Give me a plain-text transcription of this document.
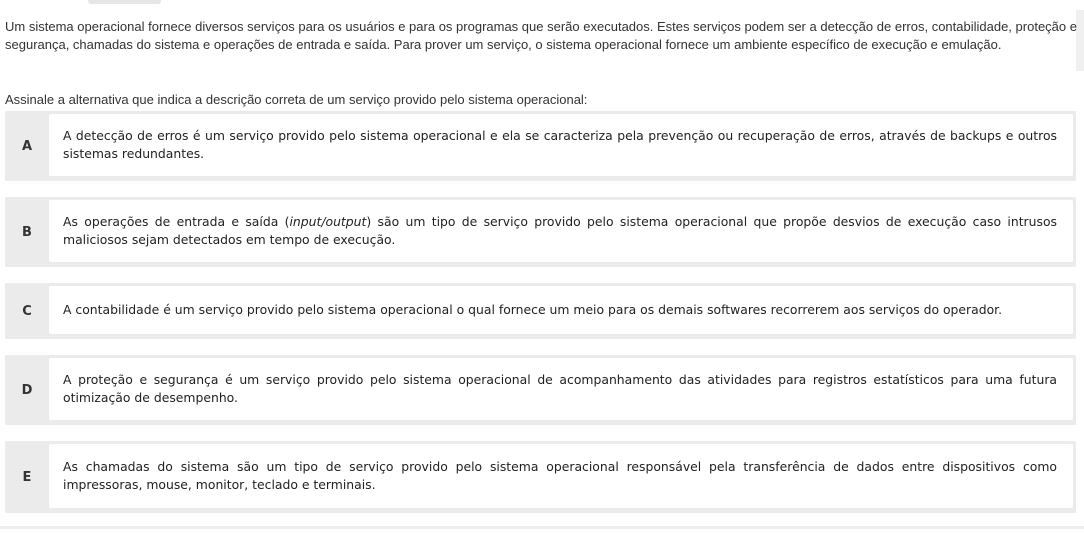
Um sistema operacional fornece diversos serviços para os usuários e para os programas que serão executados. Estes serviços podem ser a detecção de erros, contabilidade, proteção e segurança, chamadas do sistema e operações de entrada e saída. Para prover um serviço, o sistema operacional fornece um ambiente específico de execução e emulação.

Assinale a alternativa que indica a descrição correta de um serviço provido pelo sistema operacional:
A
A detecção de erros é um serviço provido pelo sistema operacional e ela se caracteriza pela prevenção ou recuperação de erros, através de backups e outros sistemas redundantes.
B
As operações de entrada e saída (input/output) são um tipo de serviço provido pelo sistema operacional que propõe desvios de execução caso intrusos maliciosos sejam detectados em tempo de execução.
C	A contabilidade é um serviço provido pelo sistema operacional o qual fornece um meio para os demais softwares recorrerem aos serviços do operador.
D
A proteção e segurança é um serviço provido pelo sistema operacional de acompanhamento das atividades para registros estatísticos para uma futura otimização de desempenho.
E
As chamadas do sistema são um tipo de serviço provido pelo sistema operacional responsável pela transferência de dados entre dispositivos como impressoras, mouse, monitor, teclado e terminais.
